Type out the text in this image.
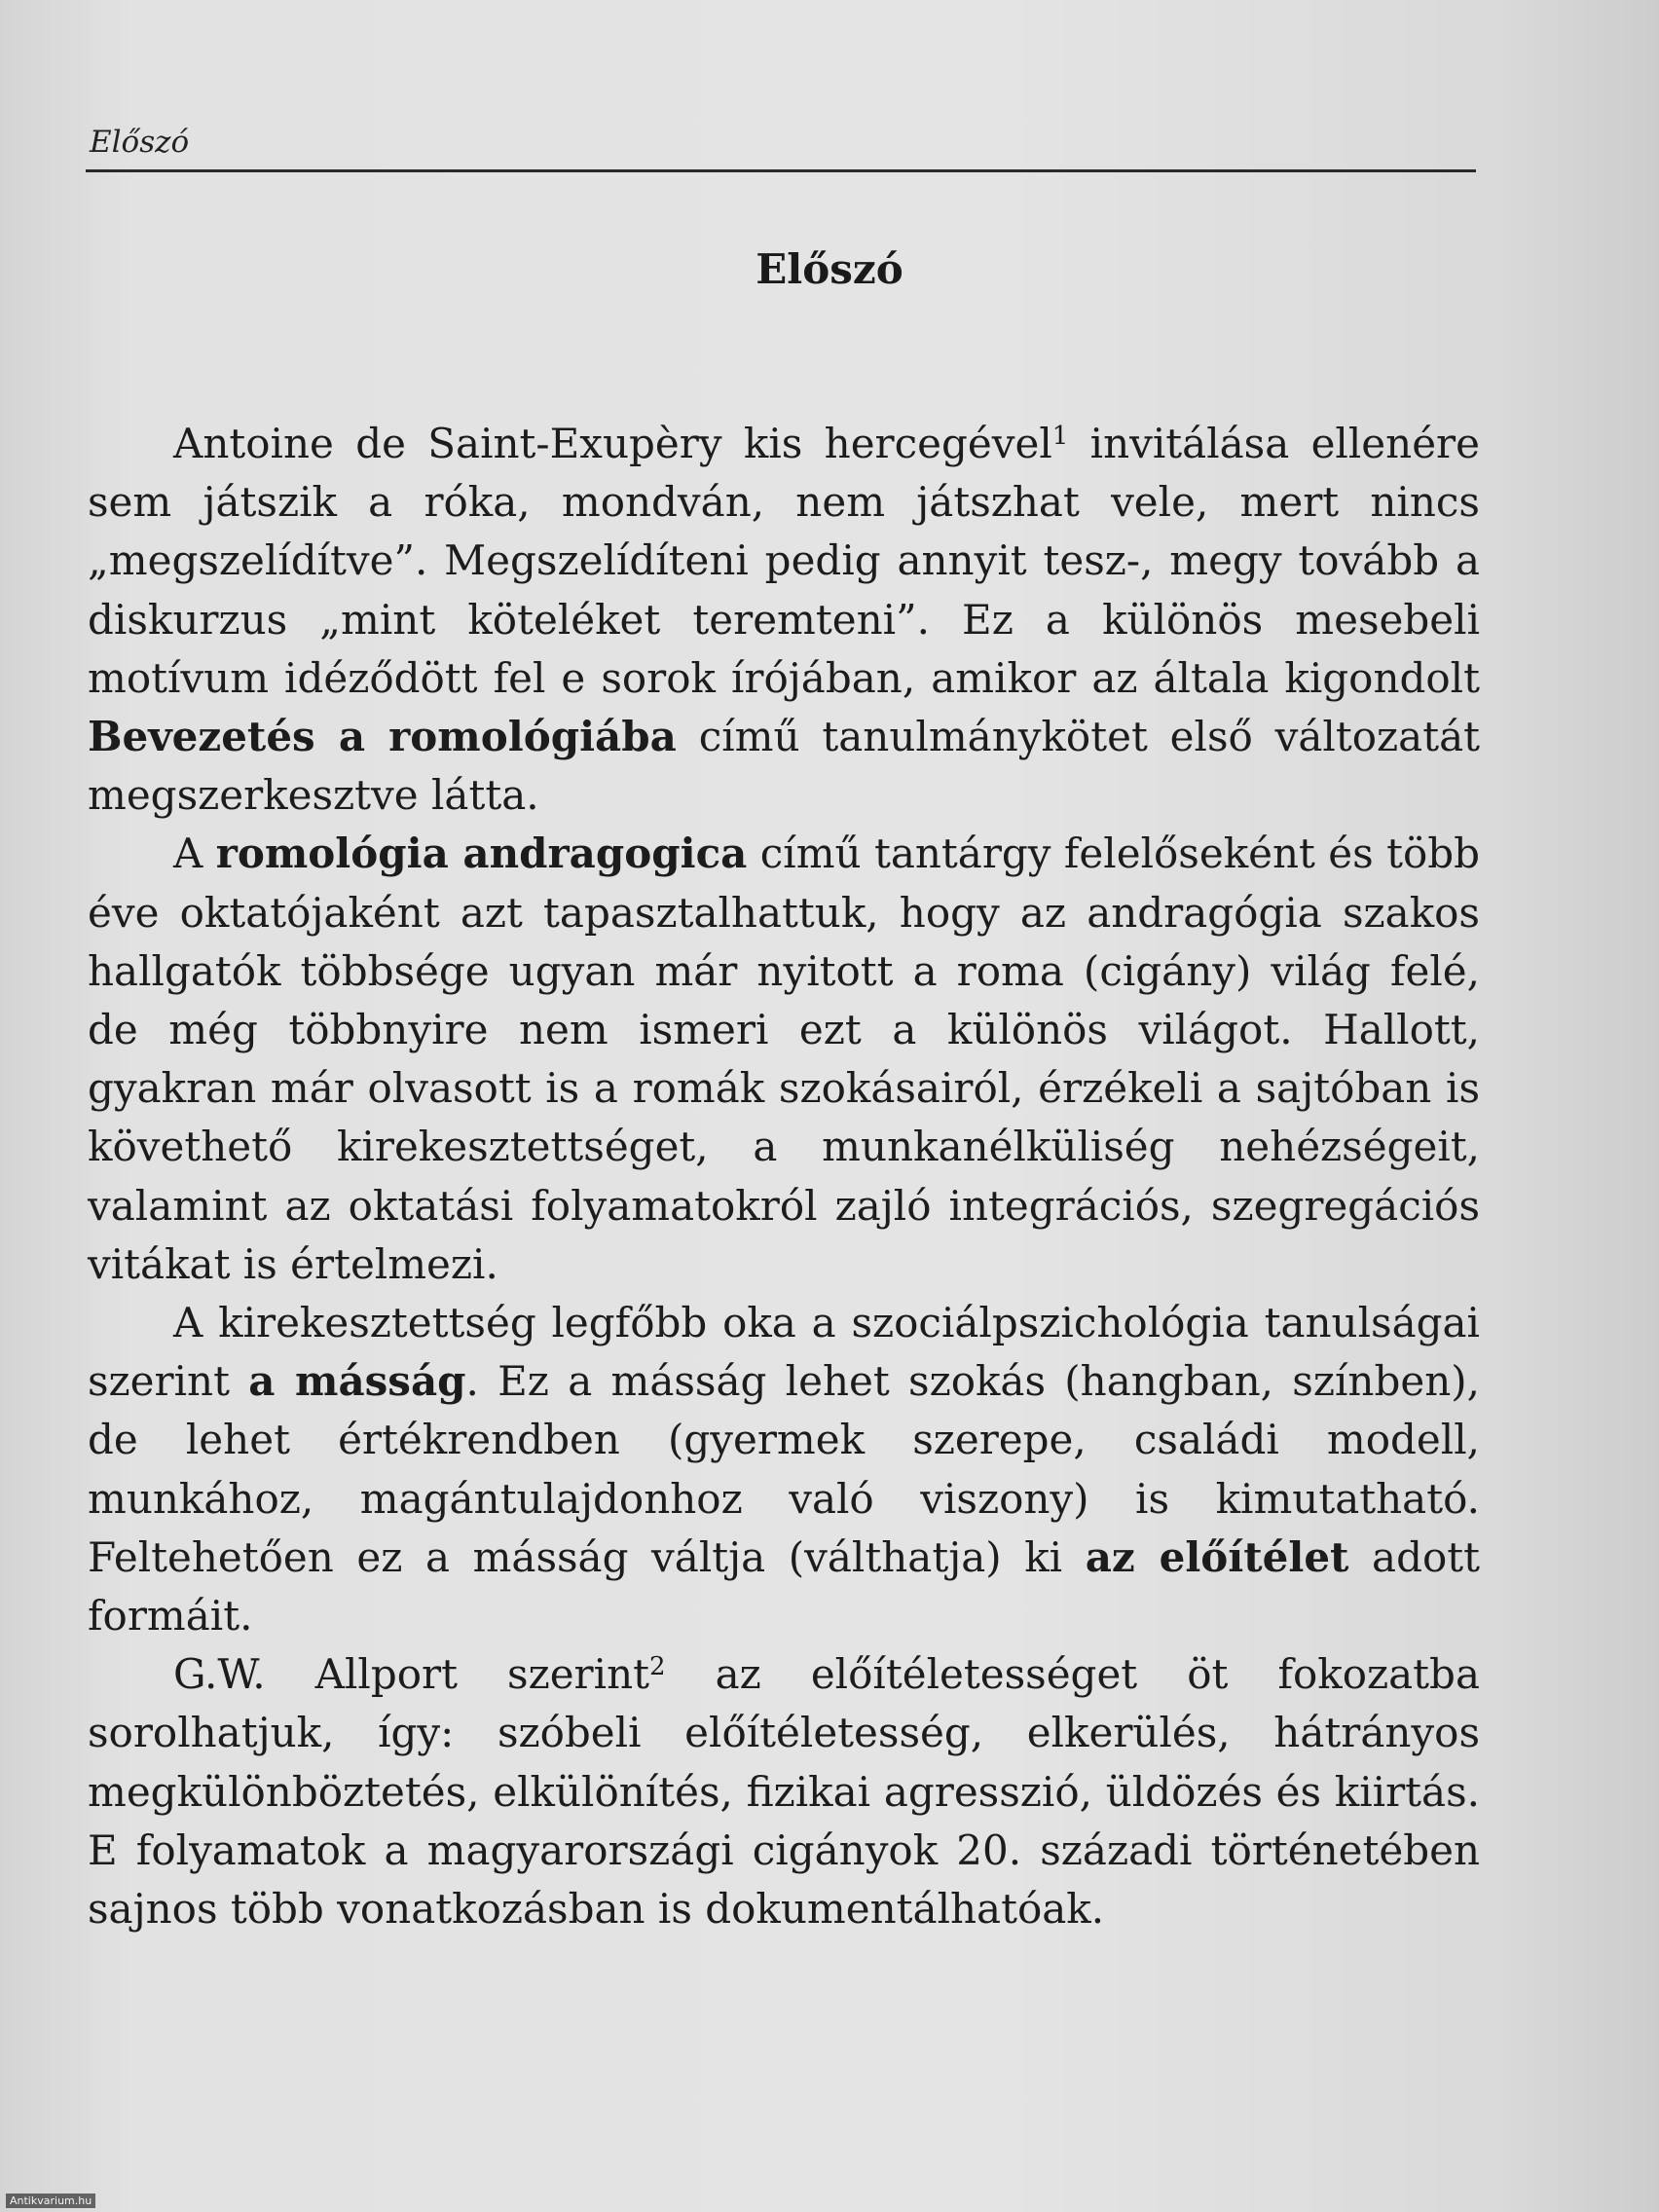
Előszó
Előszó

Antoine de Saint-Exupèry kis hercegével$^1$ invitálása ellenére sem játszik a róka, mondván, nem játszhat vele, mert nincs „megszelídítve”. Megszelídíteni pedig annyit tesz-, megy tovább a diskurzus „mint köteléket teremteni”. Ez a különös mesebeli motívum idéződött fel e sorok írójában, amikor az általa kigondolt Bevezetés a romológiába című tanulmánykötet első változatát megszerkesztve látta.

A romológia andragogica című tantárgy felelőseként és több éve oktatójaként azt tapasztalhattuk, hogy az andragógia szakos hallgatók többsége ugyan már nyitott a roma (cigány) világ felé, de még többnyire nem ismeri ezt a különös világot. Hallott, gyakran már olvasott is a romák szokásairól, érzékeli a sajtóban is követhető kirekesztettséget, a munkanélküliség nehézségeit, valamint az oktatási folyamatokról zajló integrációs, szegregációs vitákat is értelmezi.

A kirekesztettség legfőbb oka a szociálpszichológia tanulságai szerint a másság. Ez a másság lehet szokás (hangban, színben), de lehet értékrendben (gyermek szerepe, családi modell, munkához, magántulajdonhoz való viszony) is kimutatható. Feltehetően ez a másság váltja (válthatja) ki az előítélet adott formáit.

G.W. Allport szerint$^2$ az előítéletességet öt fokozatba sorolhatjuk, így: szóbeli előítéletesség, elkerülés, hátrányos megkülönböztetés, elkülönítés, fizikai agresszió, üldözés és kiirtás. E folyamatok a magyarországi cigányok 20. századi történetében sajnos több vonatkozásban is dokumentálhatóak.

Antikvarium.hu
